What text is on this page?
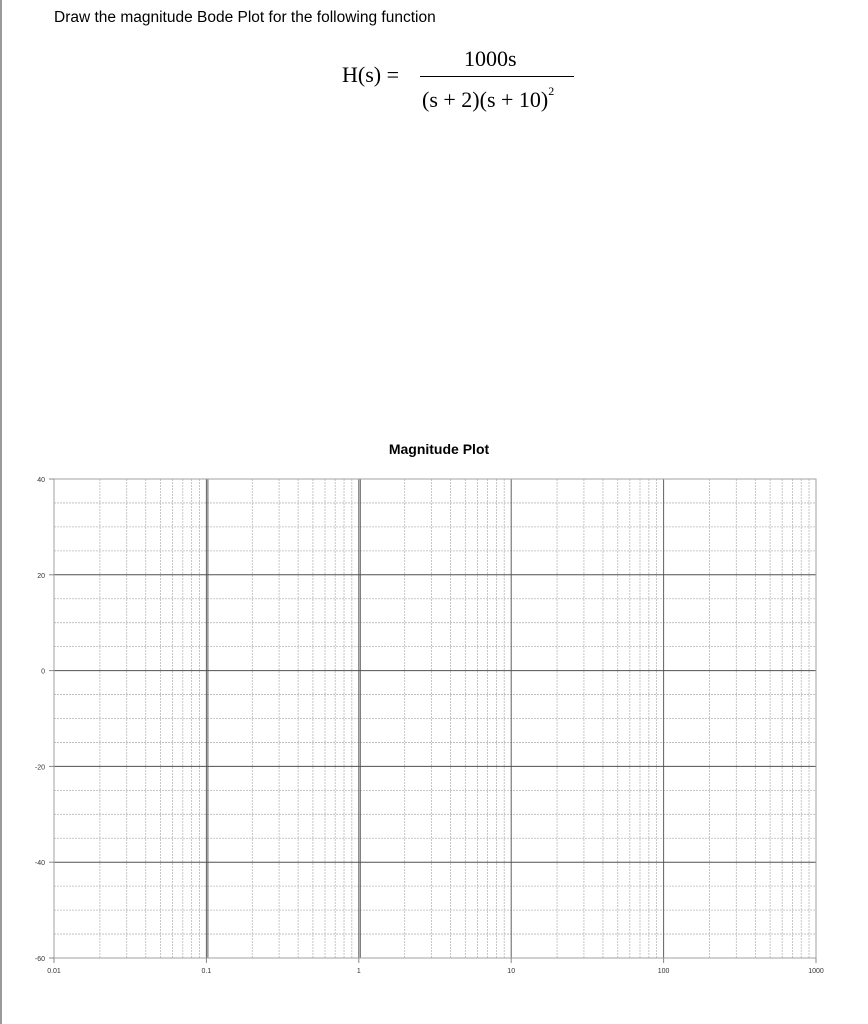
Draw the magnitude Bode Plot for the following function
H(s) =
1000s
$(s + 2)(s + 10)^2$
Magnitude Plot
40
20
0
-20
-40
-60
0.01	0.1	1	10	100	1000
